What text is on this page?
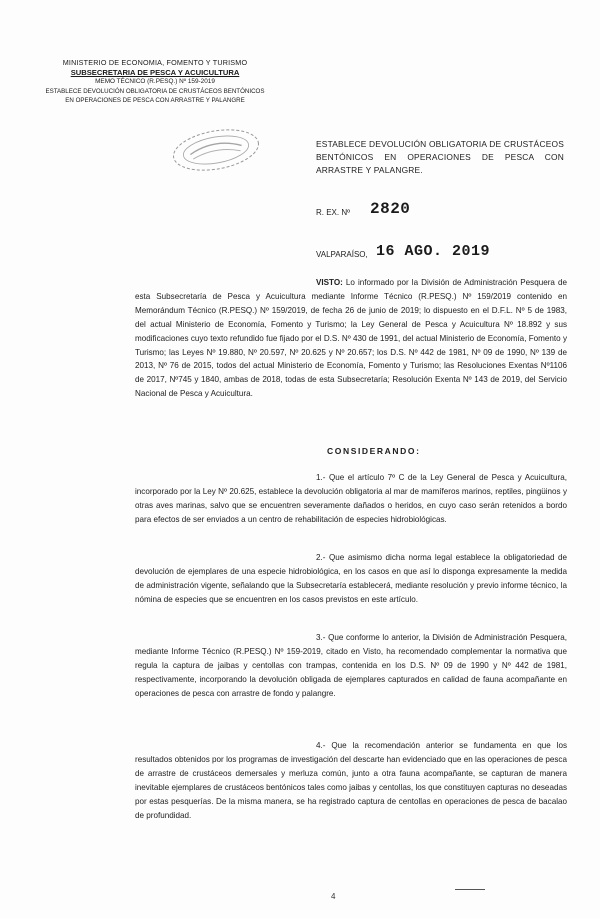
MINISTERIO DE ECONOMIA, FOMENTO Y TURISMO
SUBSECRETARIA DE PESCA Y ACUICULTURA
MEMO TÉCNICO (R.PESQ.) Nº 159-2019
ESTABLECE DEVOLUCIÓN OBLIGATORIA DE CRUSTÁCEOS BENTÓNICOS
EN OPERACIONES DE PESCA CON ARRASTRE Y PALANGRE
ESTABLECE DEVOLUCIÓN OBLIGATORIA DE CRUSTÁCEOS BENTÓNICOS EN OPERACIONES DE PESCA CON ARRASTRE Y PALANGRE.
R. EX. Nº 2820
VALPARAÍSO, 16 AGO. 2019
VISTO: Lo informado por la División de Administración Pesquera de esta Subsecretaría de Pesca y Acuicultura mediante Informe Técnico (R.PESQ.) Nº 159/2019 contenido en Memorándum Técnico (R.PESQ.) Nº 159/2019, de fecha 26 de junio de 2019; lo dispuesto en el D.F.L. Nº 5 de 1983, del actual Ministerio de Economía, Fomento y Turismo; la Ley General de Pesca y Acuicultura Nº 18.892 y sus modificaciones cuyo texto refundido fue fijado por el D.S. Nº 430 de 1991, del actual Ministerio de Economía, Fomento y Turismo; las Leyes Nº 19.880, Nº 20.597, Nº 20.625 y Nº 20.657; los D.S. Nº 442 de 1981, Nº 09 de 1990, Nº 139 de 2013, Nº 76 de 2015, todos del actual Ministerio de Economía, Fomento y Turismo; las Resoluciones Exentas Nº1106 de 2017, Nº745 y 1840, ambas de 2018, todas de esta Subsecretaría; Resolución Exenta Nº 143 de 2019, del Servicio Nacional de Pesca y Acuicultura.
CONSIDERANDO:
1.- Que el artículo 7º C de la Ley General de Pesca y Acuicultura, incorporado por la Ley Nº 20.625, establece la devolución obligatoria al mar de mamíferos marinos, reptiles, pingüinos y otras aves marinas, salvo que se encuentren severamente dañados o heridos, en cuyo caso serán retenidos a bordo para efectos de ser enviados a un centro de rehabilitación de especies hidrobiológicas.
2.- Que asimismo dicha norma legal establece la obligatoriedad de devolución de ejemplares de una especie hidrobiológica, en los casos en que así lo disponga expresamente la medida de administración vigente, señalando que la Subsecretaría establecerá, mediante resolución y previo informe técnico, la nómina de especies que se encuentren en los casos previstos en este artículo.
3.- Que conforme lo anterior, la División de Administración Pesquera, mediante Informe Técnico (R.PESQ.) Nº 159-2019, citado en Visto, ha recomendado complementar la normativa que regula la captura de jaibas y centollas con trampas, contenida en los D.S. Nº 09 de 1990 y Nº 442 de 1981, respectivamente, incorporando la devolución obligada de ejemplares capturados en calidad de fauna acompañante en operaciones de pesca con arrastre de fondo y palangre.
4.- Que la recomendación anterior se fundamenta en que los resultados obtenidos por los programas de investigación del descarte han evidenciado que en las operaciones de pesca de arrastre de crustáceos demersales y merluza común, junto a otra fauna acompañante, se capturan de manera inevitable ejemplares de crustáceos bentónicos tales como jaibas y centollas, los que constituyen capturas no deseadas por estas pesquerías. De la misma manera, se ha registrado captura de centollas en operaciones de pesca de bacalao de profundidad.
4
